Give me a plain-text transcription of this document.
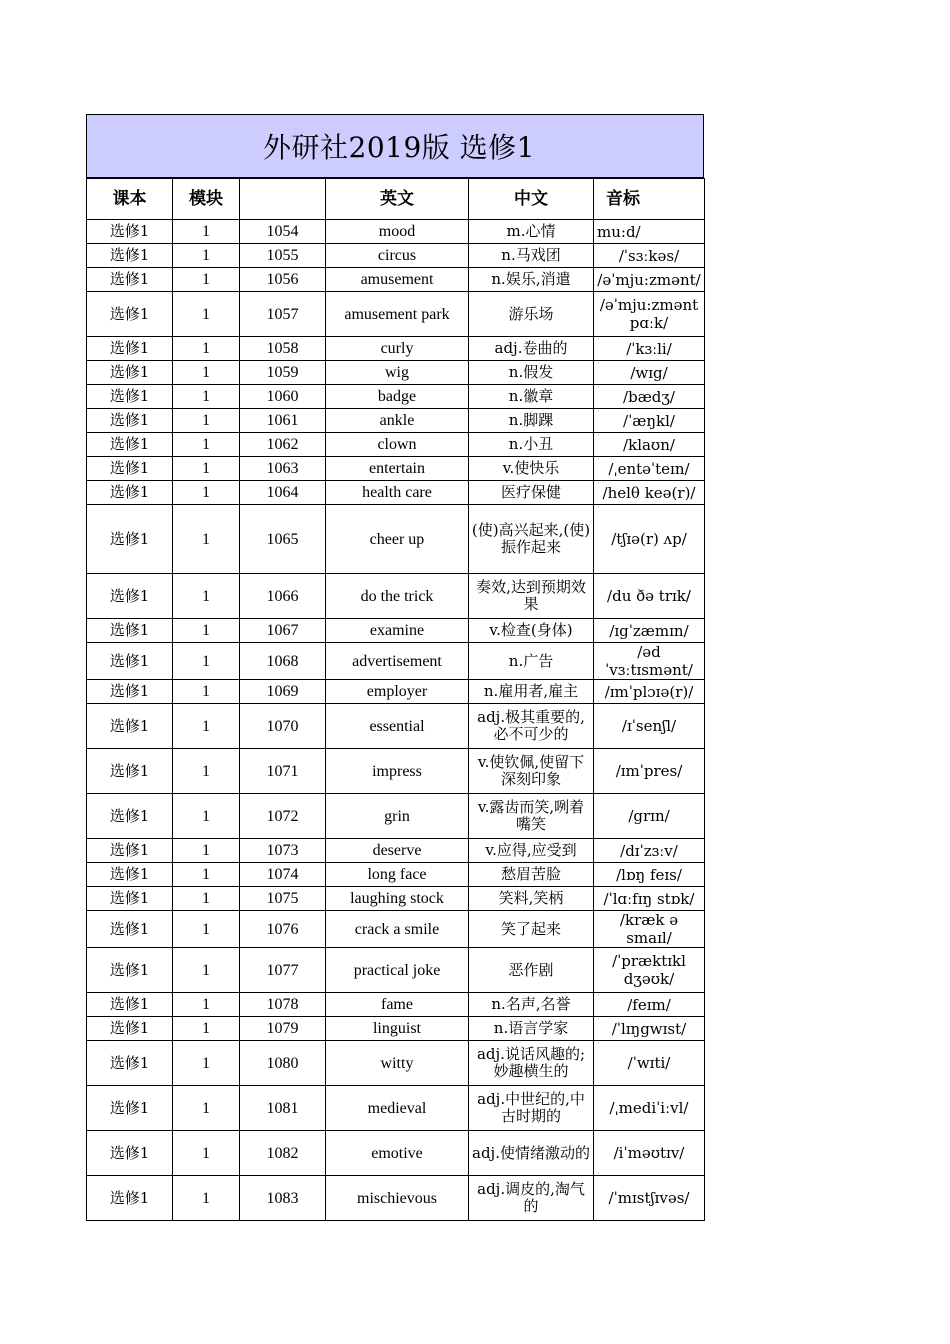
外研社2019版 选修1
课本	模块		英文	中文	音标
选修1	1	1054	mood	m.心情	mu:d/
选修1	1	1055	circus	n.马戏团	/ˈsɜːkəs/
选修1	1	1056	amusement	n.娱乐,消遣	/əˈmju:zmənt/
选修1	1	1057	amusement park	游乐场	/əˈmju:zmənt pɑːk/
选修1	1	1058	curly	adj.卷曲的	/ˈkɜːli/
选修1	1	1059	wig	n.假发	/wɪg/
选修1	1	1060	badge	n.徽章	/bædʒ/
选修1	1	1061	ankle	n.脚踝	/ˈæŋkl/
选修1	1	1062	clown	n.小丑	/klaʊn/
选修1	1	1063	entertain	v.使快乐	/ˌentəˈteɪn/
选修1	1	1064	health care	医疗保健	/helθ keə(r)/
选修1	1	1065	cheer up	(使)高兴起来,(使)振作起来	/tʃɪə(r) ʌp/
选修1	1	1066	do the trick	奏效,达到预期效果	/du ðə trɪk/
选修1	1	1067	examine	v.检查(身体)	/ɪgˈzæmɪn/
选修1	1	1068	advertisement	n.广告	/əd ˈvɜːtɪsmənt/
选修1	1	1069	employer	n.雇用者,雇主	/ɪmˈplɔɪə(r)/
选修1	1	1070	essential	adj.极其重要的,必不可少的	/ɪˈsenʃl/
选修1	1	1071	impress	v.使钦佩,使留下深刻印象	/ɪmˈpres/
选修1	1	1072	grin	v.露齿而笑,咧着嘴笑	/grɪn/
选修1	1	1073	deserve	v.应得,应受到	/dɪˈzɜːv/
选修1	1	1074	long face	愁眉苦脸	/lɒŋ feɪs/
选修1	1	1075	laughing stock	笑料,笑柄	/ˈlɑːfɪŋ stɒk/
选修1	1	1076	crack a smile	笑了起来	/kræk ə smaɪl/
选修1	1	1077	practical joke	恶作剧	/ˈpræktɪkl dʒəʊk/
选修1	1	1078	fame	n.名声,名誉	/feɪm/
选修1	1	1079	linguist	n.语言学家	/ˈlɪŋgwɪst/
选修1	1	1080	witty	adj.说话风趣的;妙趣横生的	/ˈwɪti/
选修1	1	1081	medieval	adj.中世纪的,中古时期的	/ˌmediˈiːvl/
选修1	1	1082	emotive	adj.使情绪激动的	/iˈməʊtɪv/
选修1	1	1083	mischievous	adj.调皮的,淘气的	/ˈmɪstʃɪvəs/
